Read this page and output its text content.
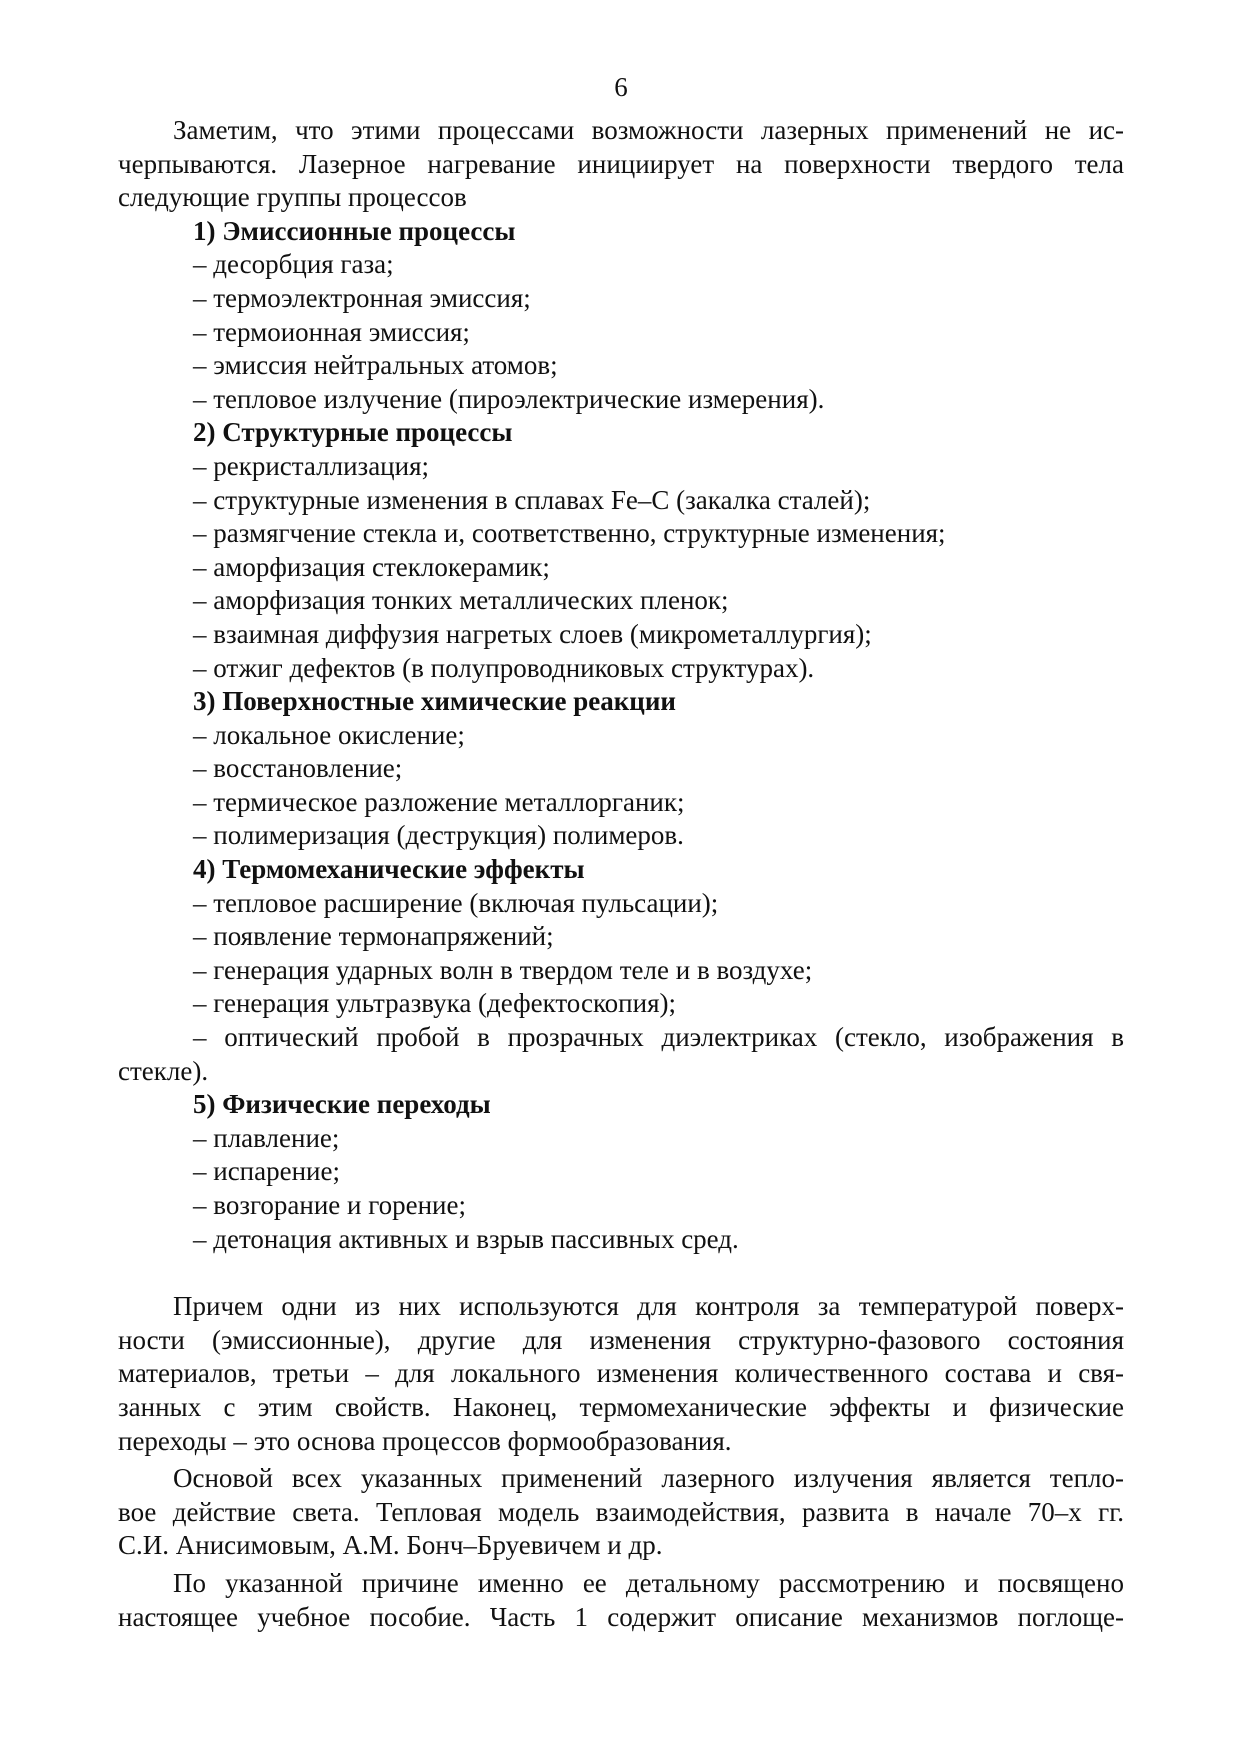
6
Заметим, что этими процессами возможности лазерных применений не ис-
черпываются. Лазерное нагревание инициирует на поверхности твердого тела
следующие группы процессов
1) Эмиссионные процессы
– десорбция газа;
– термоэлектронная эмиссия;
– термоионная эмиссия;
– эмиссия нейтральных атомов;
– тепловое излучение (пироэлектрические измерения).
2) Структурные процессы
– рекристаллизация;
– структурные изменения в сплавах Fe–C (закалка сталей);
– размягчение стекла и, соответственно, структурные изменения;
– аморфизация стеклокерамик;
– аморфизация тонких металлических пленок;
– взаимная диффузия нагретых слоев (микрометаллургия);
– отжиг дефектов (в полупроводниковых структурах).
3) Поверхностные химические реакции
– локальное окисление;
– восстановление;
– термическое разложение металлорганик;
– полимеризация (деструкция) полимеров.
4) Термомеханические эффекты
– тепловое расширение (включая пульсации);
– появление термонапряжений;
– генерация ударных волн в твердом теле и в воздухе;
– генерация ультразвука (дефектоскопия);
– оптический пробой в прозрачных диэлектриках (стекло, изображения в
стекле).
5) Физические переходы
– плавление;
– испарение;
– возгорание и горение;
– детонация активных и взрыв пассивных сред.
Причем одни из них используются для контроля за температурой поверх-
ности (эмиссионные), другие для изменения структурно-фазового состояния
материалов, третьи – для локального изменения количественного состава и свя-
занных с этим свойств. Наконец, термомеханические эффекты и физические
переходы – это основа процессов формообразования.
Основой всех указанных применений лазерного излучения является тепло-
вое действие света. Тепловая модель взаимодействия, развита в начале 70–х гг.
С.И. Анисимовым, А.М. Бонч–Бруевичем и др.
По указанной причине именно ее детальному рассмотрению и посвящено
настоящее учебное пособие. Часть 1 содержит описание механизмов поглоще-
